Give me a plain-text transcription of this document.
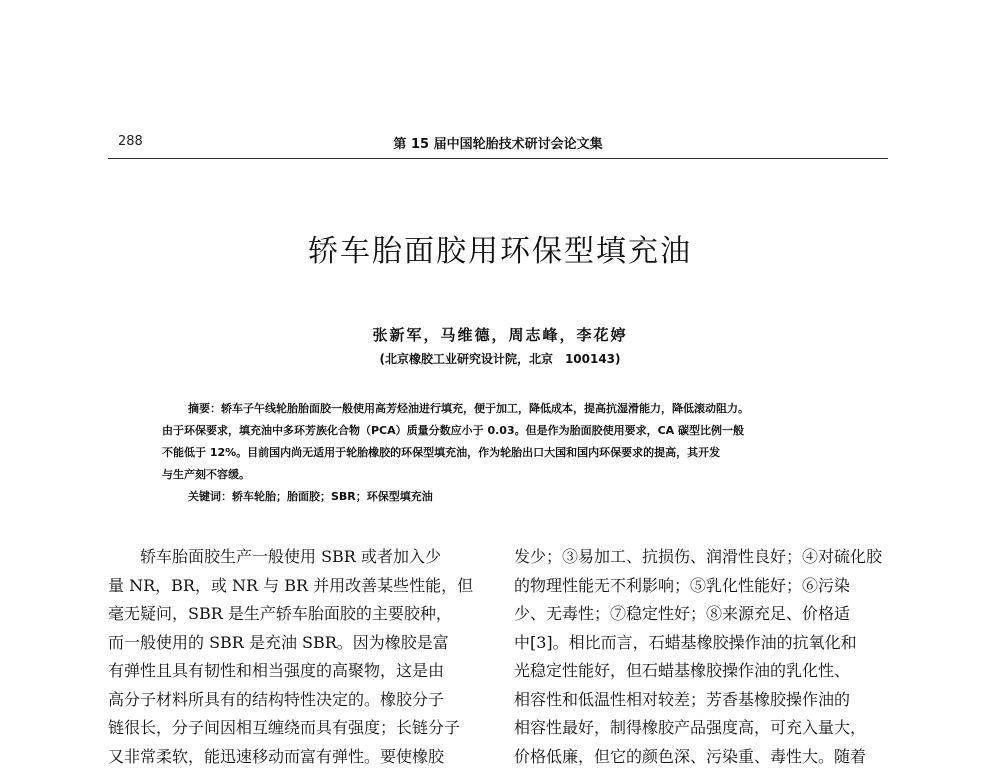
288	第 15 届中国轮胎技术研讨会论文集
轿车胎面胶用环保型填充油
张新军，马维德，周志峰，李花婷
(北京橡胶工业研究设计院，北京　100143)

摘要：轿车子午线轮胎胎面胶一般使用高芳烃油进行填充，便于加工，降低成本，提高抗湿滑能力，降低滚动阻力。

由于环保要求，填充油中多环芳族化合物（PCA）质量分数应小于 0.03。但是作为胎面胶使用要求，CA 碳型比例一般

不能低于 12%。目前国内尚无适用于轮胎橡胶的环保型填充油，作为轮胎出口大国和国内环保要求的提高，其开发

与生产刻不容缓。

关键词：轿车轮胎；胎面胶；SBR；环保型填充油

　　轿车胎面胶生产一般使用 SBR 或者加入少

量 NR，BR，或 NR 与 BR 并用改善某些性能，但

毫无疑问，SBR 是生产轿车胎面胶的主要胶种，

而一般使用的 SBR 是充油 SBR。因为橡胶是富

有弹性且具有韧性和相当强度的高聚物，这是由

高分子材料所具有的结构特性决定的。橡胶分子

链很长，分子间因相互缠绕而具有强度；长链分子

又非常柔软，能迅速移动而富有弹性。要使橡胶

发少；③易加工、抗损伤、润滑性良好；④对硫化胶

的物理性能无不利影响；⑤乳化性能好；⑥污染

少、无毒性；⑦稳定性好；⑧来源充足、价格适

中[3]。相比而言，石蜡基橡胶操作油的抗氧化和

光稳定性能好，但石蜡基橡胶操作油的乳化性、

相容性和低温性相对较差；芳香基橡胶操作油的

相容性最好，制得橡胶产品强度高，可充入量大，

价格低廉，但它的颜色深、污染重、毒性大。随着
